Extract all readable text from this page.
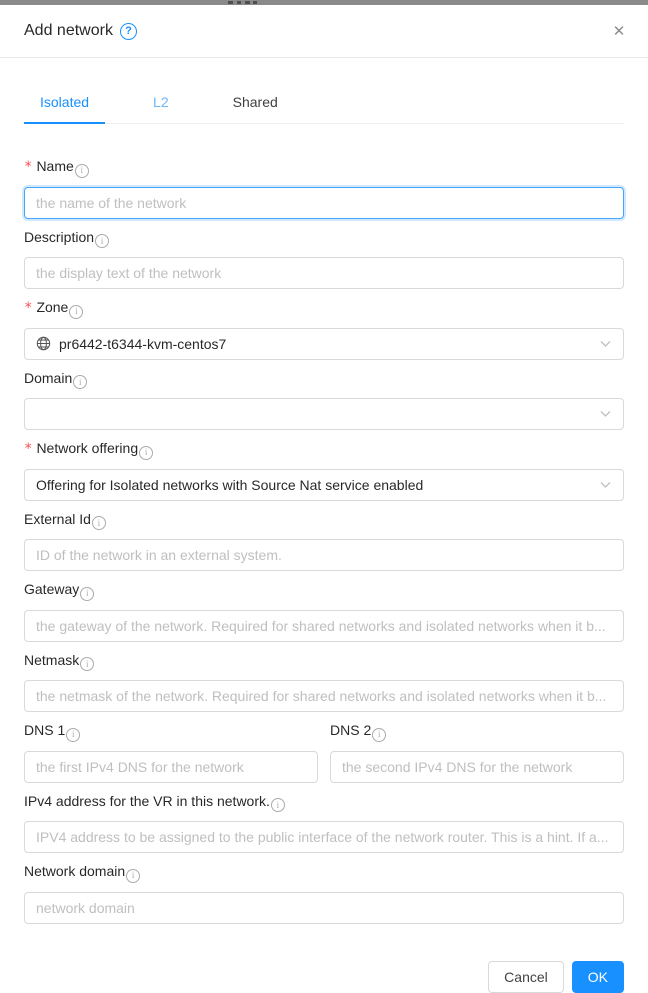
Add network ?	✕
Isolated	L2	Shared
* Name i
the name of the network
Description i
the display text of the network
* Zone i
pr6442-t6344-kvm-centos7
Domain i
* Network offering i
Offering for Isolated networks with Source Nat service enabled
External Id i
ID of the network in an external system.
Gateway i
the gateway of the network. Required for shared networks and isolated networks when it b...
Netmask i
the netmask of the network. Required for shared networks and isolated networks when it b...
DNS 1 i
the first IPv4 DNS for the network	DNS 2 i
the second IPv4 DNS for the network
IPv4 address for the VR in this network. i
IPV4 address to be assigned to the public interface of the network router. This is a hint. If a...
Network domain i
network domain
Cancel	OK
